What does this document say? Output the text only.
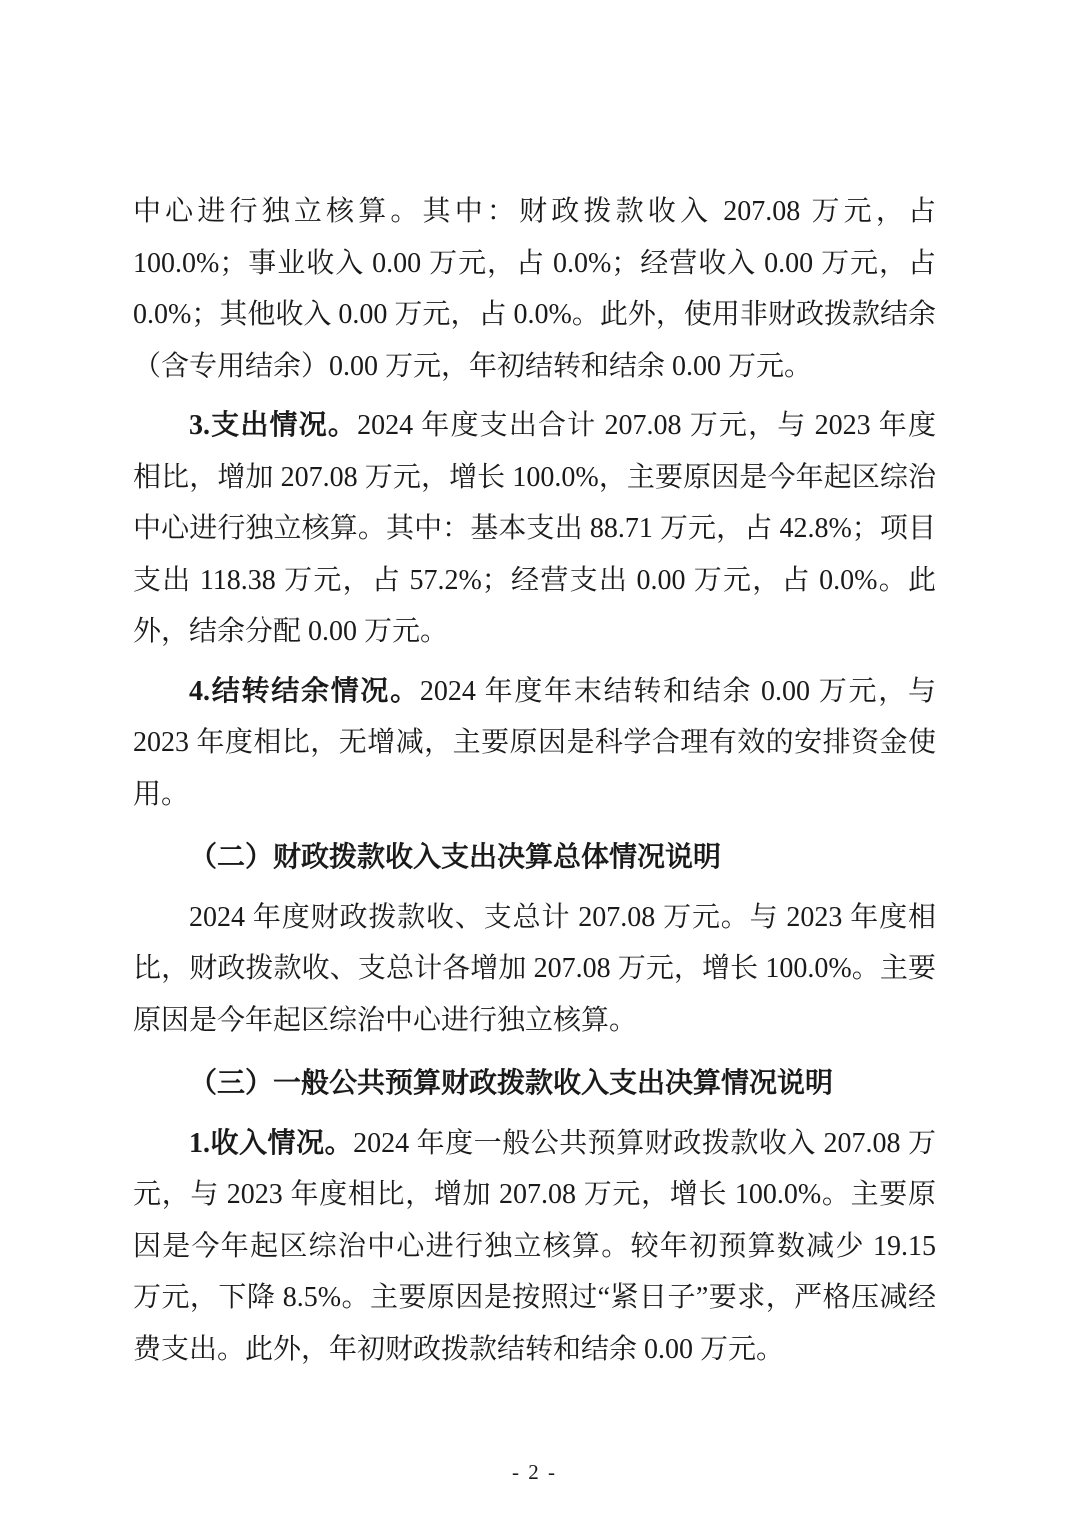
中心进行独立核算。其中：财政拨款收入 207.08 万元，占 100.0%；事业收入 0.00 万元，占 0.0%；经营收入 0.00 万元，占 0.0%；其他收入 0.00 万元，占 0.0%。此外，使用非财政拨款结余（含专用结余）0.00 万元，年初结转和结余 0.00 万元。

3.支出情况。2024 年度支出合计 207.08 万元，与 2023 年度相比，增加 207.08 万元，增长 100.0%，主要原因是今年起区综治中心进行独立核算。其中：基本支出 88.71 万元，占 42.8%；项目支出 118.38 万元，占 57.2%；经营支出 0.00 万元，占 0.0%。此外，结余分配 0.00 万元。

4.结转结余情况。2024 年度年末结转和结余 0.00 万元，与 2023 年度相比，无增减，主要原因是科学合理有效的安排资金使用。

（二）财政拨款收入支出决算总体情况说明

2024 年度财政拨款收、支总计 207.08 万元。与 2023 年度相比，财政拨款收、支总计各增加 207.08 万元，增长 100.0%。主要原因是今年起区综治中心进行独立核算。

（三）一般公共预算财政拨款收入支出决算情况说明

1.收入情况。2024 年度一般公共预算财政拨款收入 207.08 万元，与 2023 年度相比，增加 207.08 万元，增长 100.0%。主要原因是今年起区综治中心进行独立核算。较年初预算数减少 19.15 万元，下降 8.5%。主要原因是按照过“紧日子”要求，严格压减经费支出。此外，年初财政拨款结转和结余 0.00 万元。

- 2 -
